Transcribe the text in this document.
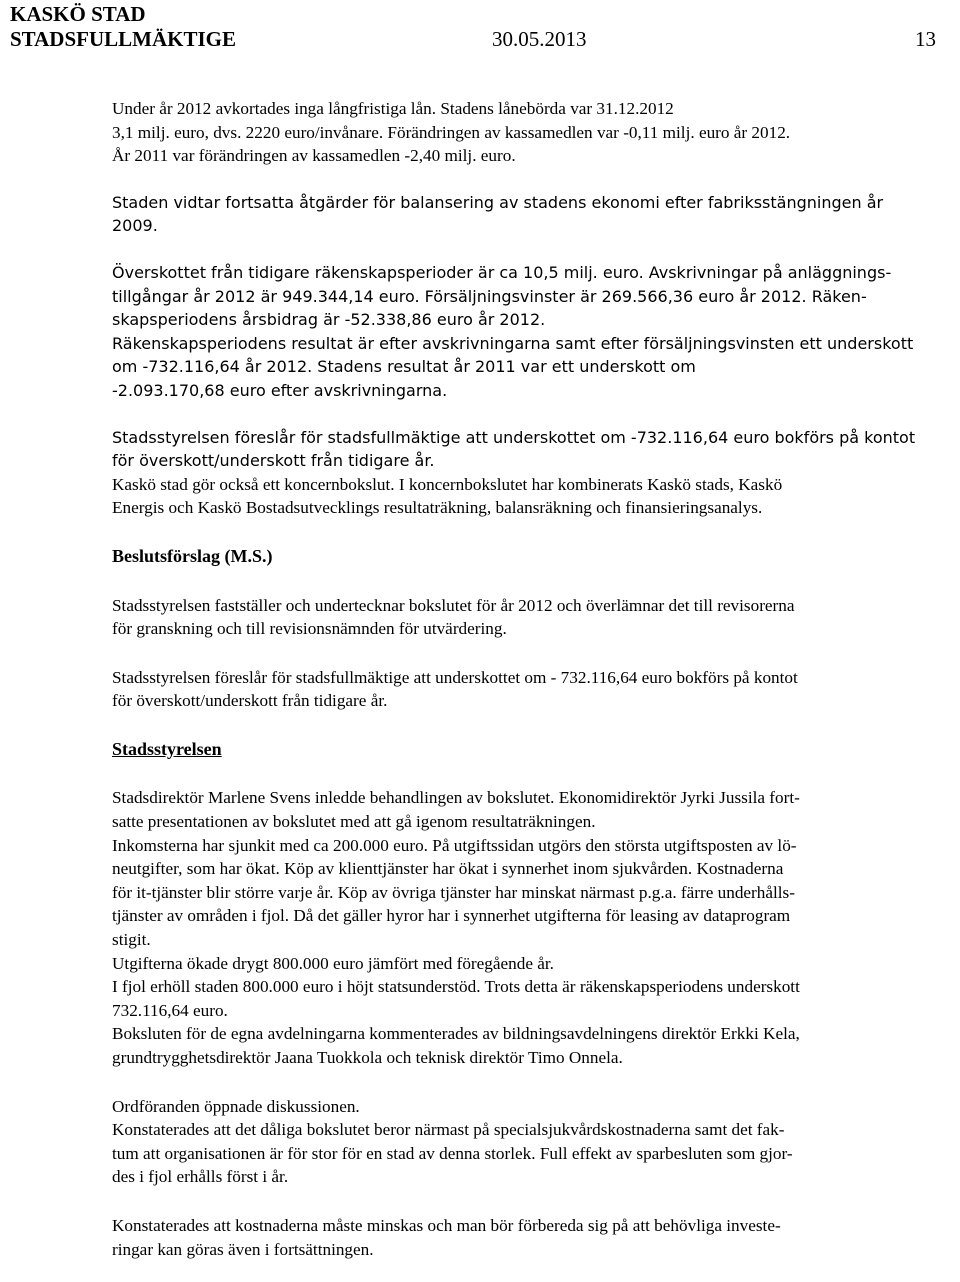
KASKÖ STAD
STADSFULLMÄKTIGE	30.05.2013	13

Under år 2012 avkortades inga långfristiga lån. Stadens lånebörda var 31.12.2012

3,1 milj. euro, dvs. 2220 euro/invånare. Förändringen av kassamedlen var -0,11 milj. euro år 2012.

År 2011 var förändringen av kassamedlen -2,40 milj. euro.

Staden vidtar fortsatta åtgärder för balansering av stadens ekonomi efter fabriksstängningen år

2009.

Överskottet från tidigare räkenskapsperioder är ca 10,5 milj. euro. Avskrivningar på anläggnings-

tillgångar år 2012 är 949.344,14 euro. Försäljningsvinster är 269.566,36 euro år 2012. Räken-

skapsperiodens årsbidrag är -52.338,86 euro år 2012.

Räkenskapsperiodens resultat är efter avskrivningarna samt efter försäljningsvinsten ett underskott

om -732.116,64 år 2012. Stadens resultat år 2011 var ett underskott om

-2.093.170,68 euro efter avskrivningarna.

Stadsstyrelsen föreslår för stadsfullmäktige att underskottet om -732.116,64 euro bokförs på kontot

för överskott/underskott från tidigare år.

Kaskö stad gör också ett koncernbokslut. I koncernbokslutet har kombinerats Kaskö stads, Kaskö

Energis och Kaskö Bostadsutvecklings resultaträkning, balansräkning och finansieringsanalys.

Beslutsförslag (M.S.)

Stadsstyrelsen fastställer och undertecknar bokslutet för år 2012 och överlämnar det till revisorerna

för granskning och till revisionsnämnden för utvärdering.

Stadsstyrelsen föreslår för stadsfullmäktige att underskottet om - 732.116,64 euro bokförs på kontot

för överskott/underskott från tidigare år.

Stadsstyrelsen

Stadsdirektör Marlene Svens inledde behandlingen av bokslutet. Ekonomidirektör Jyrki Jussila fort-

satte presentationen av bokslutet med att gå igenom resultaträkningen.

Inkomsterna har sjunkit med ca 200.000 euro. På utgiftssidan utgörs den största utgiftsposten av lö-

neutgifter, som har ökat. Köp av klienttjänster har ökat i synnerhet inom sjukvården. Kostnaderna

för it-tjänster blir större varje år. Köp av övriga tjänster har minskat närmast p.g.a. färre underhålls-

tjänster av områden i fjol. Då det gäller hyror har i synnerhet utgifterna för leasing av dataprogram

stigit.

Utgifterna ökade drygt 800.000 euro jämfört med föregående år.

I fjol erhöll staden 800.000 euro i höjt statsunderstöd. Trots detta är räkenskapsperiodens underskott

732.116,64 euro.

Boksluten för de egna avdelningarna kommenterades av bildningsavdelningens direktör Erkki Kela,

grundtrygghetsdirektör Jaana Tuokkola och teknisk direktör Timo Onnela.

Ordföranden öppnade diskussionen.

Konstaterades att det dåliga bokslutet beror närmast på specialsjukvårdskostnaderna samt det fak-

tum att organisationen är för stor för en stad av denna storlek. Full effekt av sparbesluten som gjor-

des i fjol erhålls först i år.

Konstaterades att kostnaderna måste minskas och man bör förbereda sig på att behövliga investe-

ringar kan göras även i fortsättningen.
